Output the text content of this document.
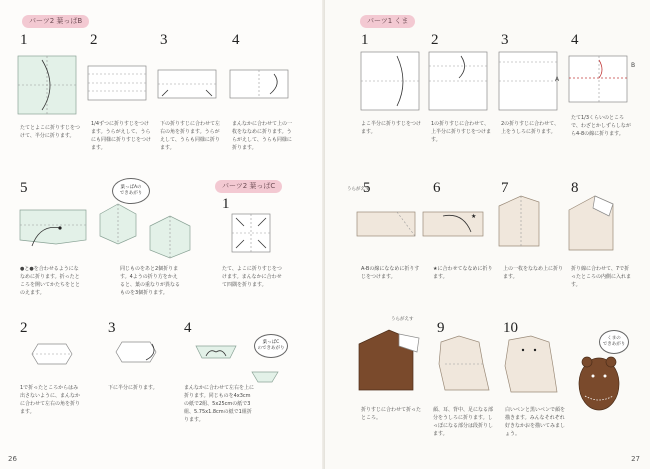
パーツ2 葉っぱB
1
たてとよこに折りすじをつけて、半分に折ります。
2
1/4ずつに折りすじをつけます。うらがえして、うらにも同様に折りすじをつけます。
3
下の折りすじに合わせて左右の角を折ります。うらがえして、うらも同様に折ります。
4
まんなかに合わせて上の一枚をななめに折ります。うらがえして、うらも同様に折ります。
5
●と●を合わせるようにななめに折ります。折ったところを開いてかたちをととのえます。
葉っぱAの
できあがり
同じものをあと2個折ります。4ようの折り方をかえると、葉の重なりが異なるものを3個折ります。
パーツ2 葉っぱC
1
たて、よこに折りすじをつけます。まんなかに合わせて四隅を折ります。
2
1で折ったところからはみ出さないように、まんなかに合わせて左右の角を折ります。
3
下に半分に折ります。
4
葉っぱC
のできあがり
まんなかに合わせて左右を上に折ります。同じものを4x3cmの紙で2組、5x25cmの紙で3組、5.75x1.8cmの紙で1組折ります。
26
パーツ1 くま
1
よこ半分に折りすじをつけます。
2
1の折りすじに合わせて、上半分に折りすじをつけます。
3
2の折りすじに合わせて、上をうしろに折ります。
4
A
B
たて1/3くらいのところで、わざとかしずらしながら4-8の線に折ります。
うらがえす
5
A-Bの線にななめに折りすじをつけます。
6
★
★に合わせてななめに折ります。
7
上の一枚をななめ上に折ります。
8
折り線に合わせて、7で折ったところの内側に入れます。
うらがえす
折りすじに合わせて折ったところ。
9
顔、耳、背中、足になる部分をうしろに折ります。しっぽになる部分は段折りします。
10
白いペンと黒いペンで顔を描きます。みんなそれぞれ好きなかおを描いてみましょう。
くまの
できあがり
27
